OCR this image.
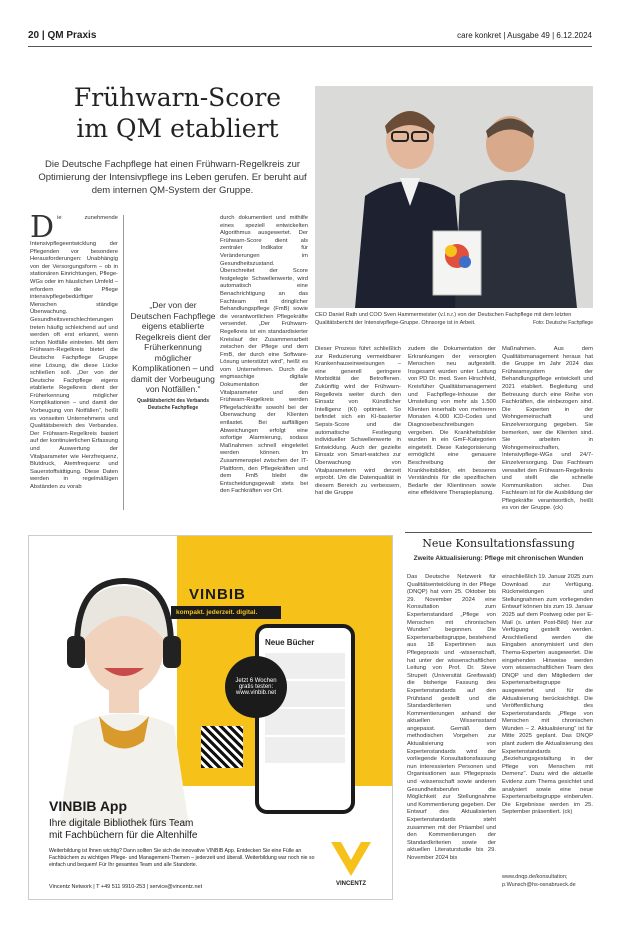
20 | QM Praxis	care konkret | Ausgabe 49 | 6.12.2024
Frühwarn-Score
im QM etabliert
Die Deutsche Fachpflege hat einen Frühwarn-Regelkreis zur Optimierung der Intensivpflege ins Leben gerufen. Er beruht auf dem internen QM-System der Gruppe.
CEO Daniel Rath und COO Sven Hammermeister (v.l.n.r.) von der Deutschen Fachpflege mit dem letzten Qualitätsbericht der Intensivpflege-Gruppe. Ohnsorge ist in Arbeit.	Foto: Deutsche Fachpflege
Die zunehmende Intensivpflegeentwicklung der Pflegenden vor besondere Herausforderungen: Unabhängig von der Versorgungsform – ob in stationären Einrichtungen, Pflege-WGs oder im häuslichen Umfeld – erfordern die Pflege intensivpflegebedürftiger Menschen ständige Überwachung. Gesundheitsverschlechterungen treten häufig schleichend auf und werden oft erst erkannt, wenn schon Notfälle eintreten. Mit dem Frühwarn-Regelkreis bietet die Deutsche Fachpflege Gruppe eine Lösung, die diese Lücke schließen soll. „Der von der Deutsche Fachpflege eigens etablierte Regelkreis dient der Früherkennung möglicher Komplikationen – und damit der Vorbeugung von Notfällen“, heißt es vonseiten Unternehmens und Qualitätsbereich des Verbandes. Der Frühwarn-Regelkreis basiert auf der kontinuierlichen Erfassung und Auswertung der Vitalparameter wie Herzfrequenz, Blutdruck, Atemfrequenz und Sauerstoffsättigung. Diese Daten werden in regelmäßigen Abständen zu vorab
„Der von der Deutschen Fachpflege eigens etablierte Regelkreis dient der Früherkennung möglicher Komplikationen – und damit der Vorbeugung von Notfällen.“
Qualitätsbericht des Verbands Deutsche Fachpflege
durch dokumentiert und mithilfe eines speziell entwickelten Algorithmus ausgewertet. Der Frühwarn-Score dient als zentraler Indikator für Veränderungen im Gesundheitszustand. Überschreitet der Score festgelegte Schwellenwerte, wird automatisch eine Benachrichtigung an das Fachteam mit dringlicher Behandlungspflege (FmB) sowie die verantwortlichen Pflegekräfte versendet. „Der Frühwarn-Regelkreis ist ein standardisierter Kreislauf der Zusammenarbeit zwischen der Pflege und dem FmB, der durch eine Software-Lösung unterstützt wird“, heißt es vom Unternehmen. Durch die engmaschige digitale Dokumentation der Vitalparameter und den Frühwarn-Regelkreis werden Pflegefachkräfte sowohl bei der Überwachung der Klienten entlastet. Bei auffälligen Abweichungen erfolgt eine sofortige Alarmierung, sodass Maßnahmen schnell eingeleitet werden können. Im Zusammenspiel zwischen der IT-Plattform, den Pflegekräften und dem FmB bleibt die Entscheidungsgewalt stets bei den Fachkräften vor Ort.
Dieser Prozess führt schließlich zur Reduzierung vermeidbarer Krankenhauseinweisungen – eine generell geringere Morbidität der Betroffenen. Zukünftig wird der Frühwarn-Regelkreis weiter durch den Einsatz von Künstlicher Intelligenz (KI) optimiert. So befindet sich ein KI-basierter Sepsis-Score und die automatische Festlegung individueller Schwellenwerte in Entwicklung. Auch der gezielte Einsatz von Smart-watches zur Überwachung von Vitalparametern wird derzeit erprobt. Um die Datenqualität in diesem Bereich zu verbessern, hat die Gruppe
zudem die Dokumentation der Erkrankungen der versorgten Menschen neu aufgestellt. Insgesamt wurden unter Leitung von PD Dr. med. Sven Hirschfeld, Kreisfüher Qualitätsmanagement und Fachpflege-Inhouse der Umstellung von mehr als 1.500 Klienten innerhalb von mehreren Monaten 4.000 ICD-Codes und Diagnosebeschreibungen vergeben. Die Krankheitsbilder wurden in ein GmF-Kategorien eingeteilt. Diese Kategorisierung ermöglicht eine genauere Beschreibung der Krankheitsbilder, ein besseres Verständnis für die spezifischen Bedarfe der Klientinnen sowie eine effektivere Therapieplanung.
Maßnahmen. Aus dem Qualitätsmanagement heraus hat die Gruppe im Jahr 2024 das Frühwarnsystem der Behandlungspflege entwickelt und 2021 etabliert. Begleitung und Betreuung durch eine Reihe von Fachkräften, die einbezogen sind. Die Experten in der Wohngemeinschaft und Einzelversorgung gegeben. Sie bemerken, wer die Klienten sind. Sie arbeiten in Wohngemeinschaften, Intensivpflege-WGs und 24/7-Einzelversorgung. Das Fachteam verwaltet den Frühwarn-Regelkreis und stellt die schnelle Kommunikation sicher. Das Fachteam ist für die Ausbildung der Pflegekräfte verantwortlich, heißt es von der Gruppe. (ck)
VINBIB
kompakt. jederzeit. digital.
Neue Bücher
Jetzt 6 Wochen gratis testen: www.vinbib.net
VINBIB App
Ihre digitale Bibliothek fürs Team
mit Fachbüchern für die Altenhilfe
Weiterbildung ist Ihnen wichtig? Dann sollten Sie sich die innovative VINBIB App. Entdecken Sie eine Fülle an Fachbüchern zu wichtigen Pflege- und Management-Themen – jederzeit und überall. Weiterbildung war noch nie so einfach und bequem! Für Ihr gesamtes Team und alle Standorte.
Vincentz Network | T +49 511 9910-253 | service@vincentz.net	VINCENTZ
Neue Konsultationsfassung
Zweite Aktualisierung: Pflege mit chronischen Wunden
Das Deutsche Netzwerk für Qualitätsentwicklung in der Pflege (DNQP) hat vom 25. Oktober bis 29. November 2024 eine Konsultation zum Expertenstandard „Pflege von Menschen mit chronischen Wunden“ begonnen. Die Expertenarbeitsgruppe, bestehend aus 18 Expertinnen aus Pflegepraxis und -wissenschaft, hat unter der wissenschaftlichen Leitung von Prof. Dr. Steve Strupeit (Universität Greifswald) die bisherige Fassung des Expertenstandards auf den Prüfstand gestellt und die Standardkriterien und Kommentierungen anhand der aktuellen Wissensstand angepasst. Gemäß dem methodischen Vorgehen zur Aktualisierung von Expertenstandards wird der vorliegende Konsultationsfassung nun interessierten Personen und Organisationen aus Pflegepraxis und -wissenschaft sowie anderen Gesundheitsberufen die Möglichkeit zur Stellungnahme und Kommentierung gegeben. Der Entwurf des Aktualisierten Expertenstandards steht zusammen mit der Präambel und den Kommentierungen der Standardkriterien sowie der aktuellen Literaturstudie bis 29. November 2024 bis
einschließlich 19. Januar 2025 zum Download zur Verfügung. Rückmeldungen und Stellungnahmen zum vorliegenden Entwurf können bis zum 19. Januar 2025 auf dem Postweg oder per E-Mail (s. unten Post-Bild) hier zur Verfügung gestellt werden. Anschließend werden die Eingaben anonymisiert und den Thema-Experten ausgewertet. Die eingehenden Hinweise werden vom wissenschaftlichen Team des DNQP und den Mitgliedern der Expertenarbeitsgruppe ausgewertet und für die Aktualisierung berücksichtigt. Die Veröffentlichung des Expertenstandards „Pflege von Menschen mit chronischen Wunden – 2. Aktualisierung“ ist für Mitte 2025 geplant. Das DNQP plant zudem die Aktualisierung des Expertenstandards „Beziehungsgestaltung in der Pflege von Menschen mit Demenz“. Dazu wird die aktuelle Evidenz zum Thema gesichtet und analysiert sowie eine neue Expertenarbeitsgruppe einberufen. Die Ergebnisse werden im 25. September präsentiert. (ck)
www.dnqp.de/konsultation; p.Wunsch@hs-osnabrueck.de
